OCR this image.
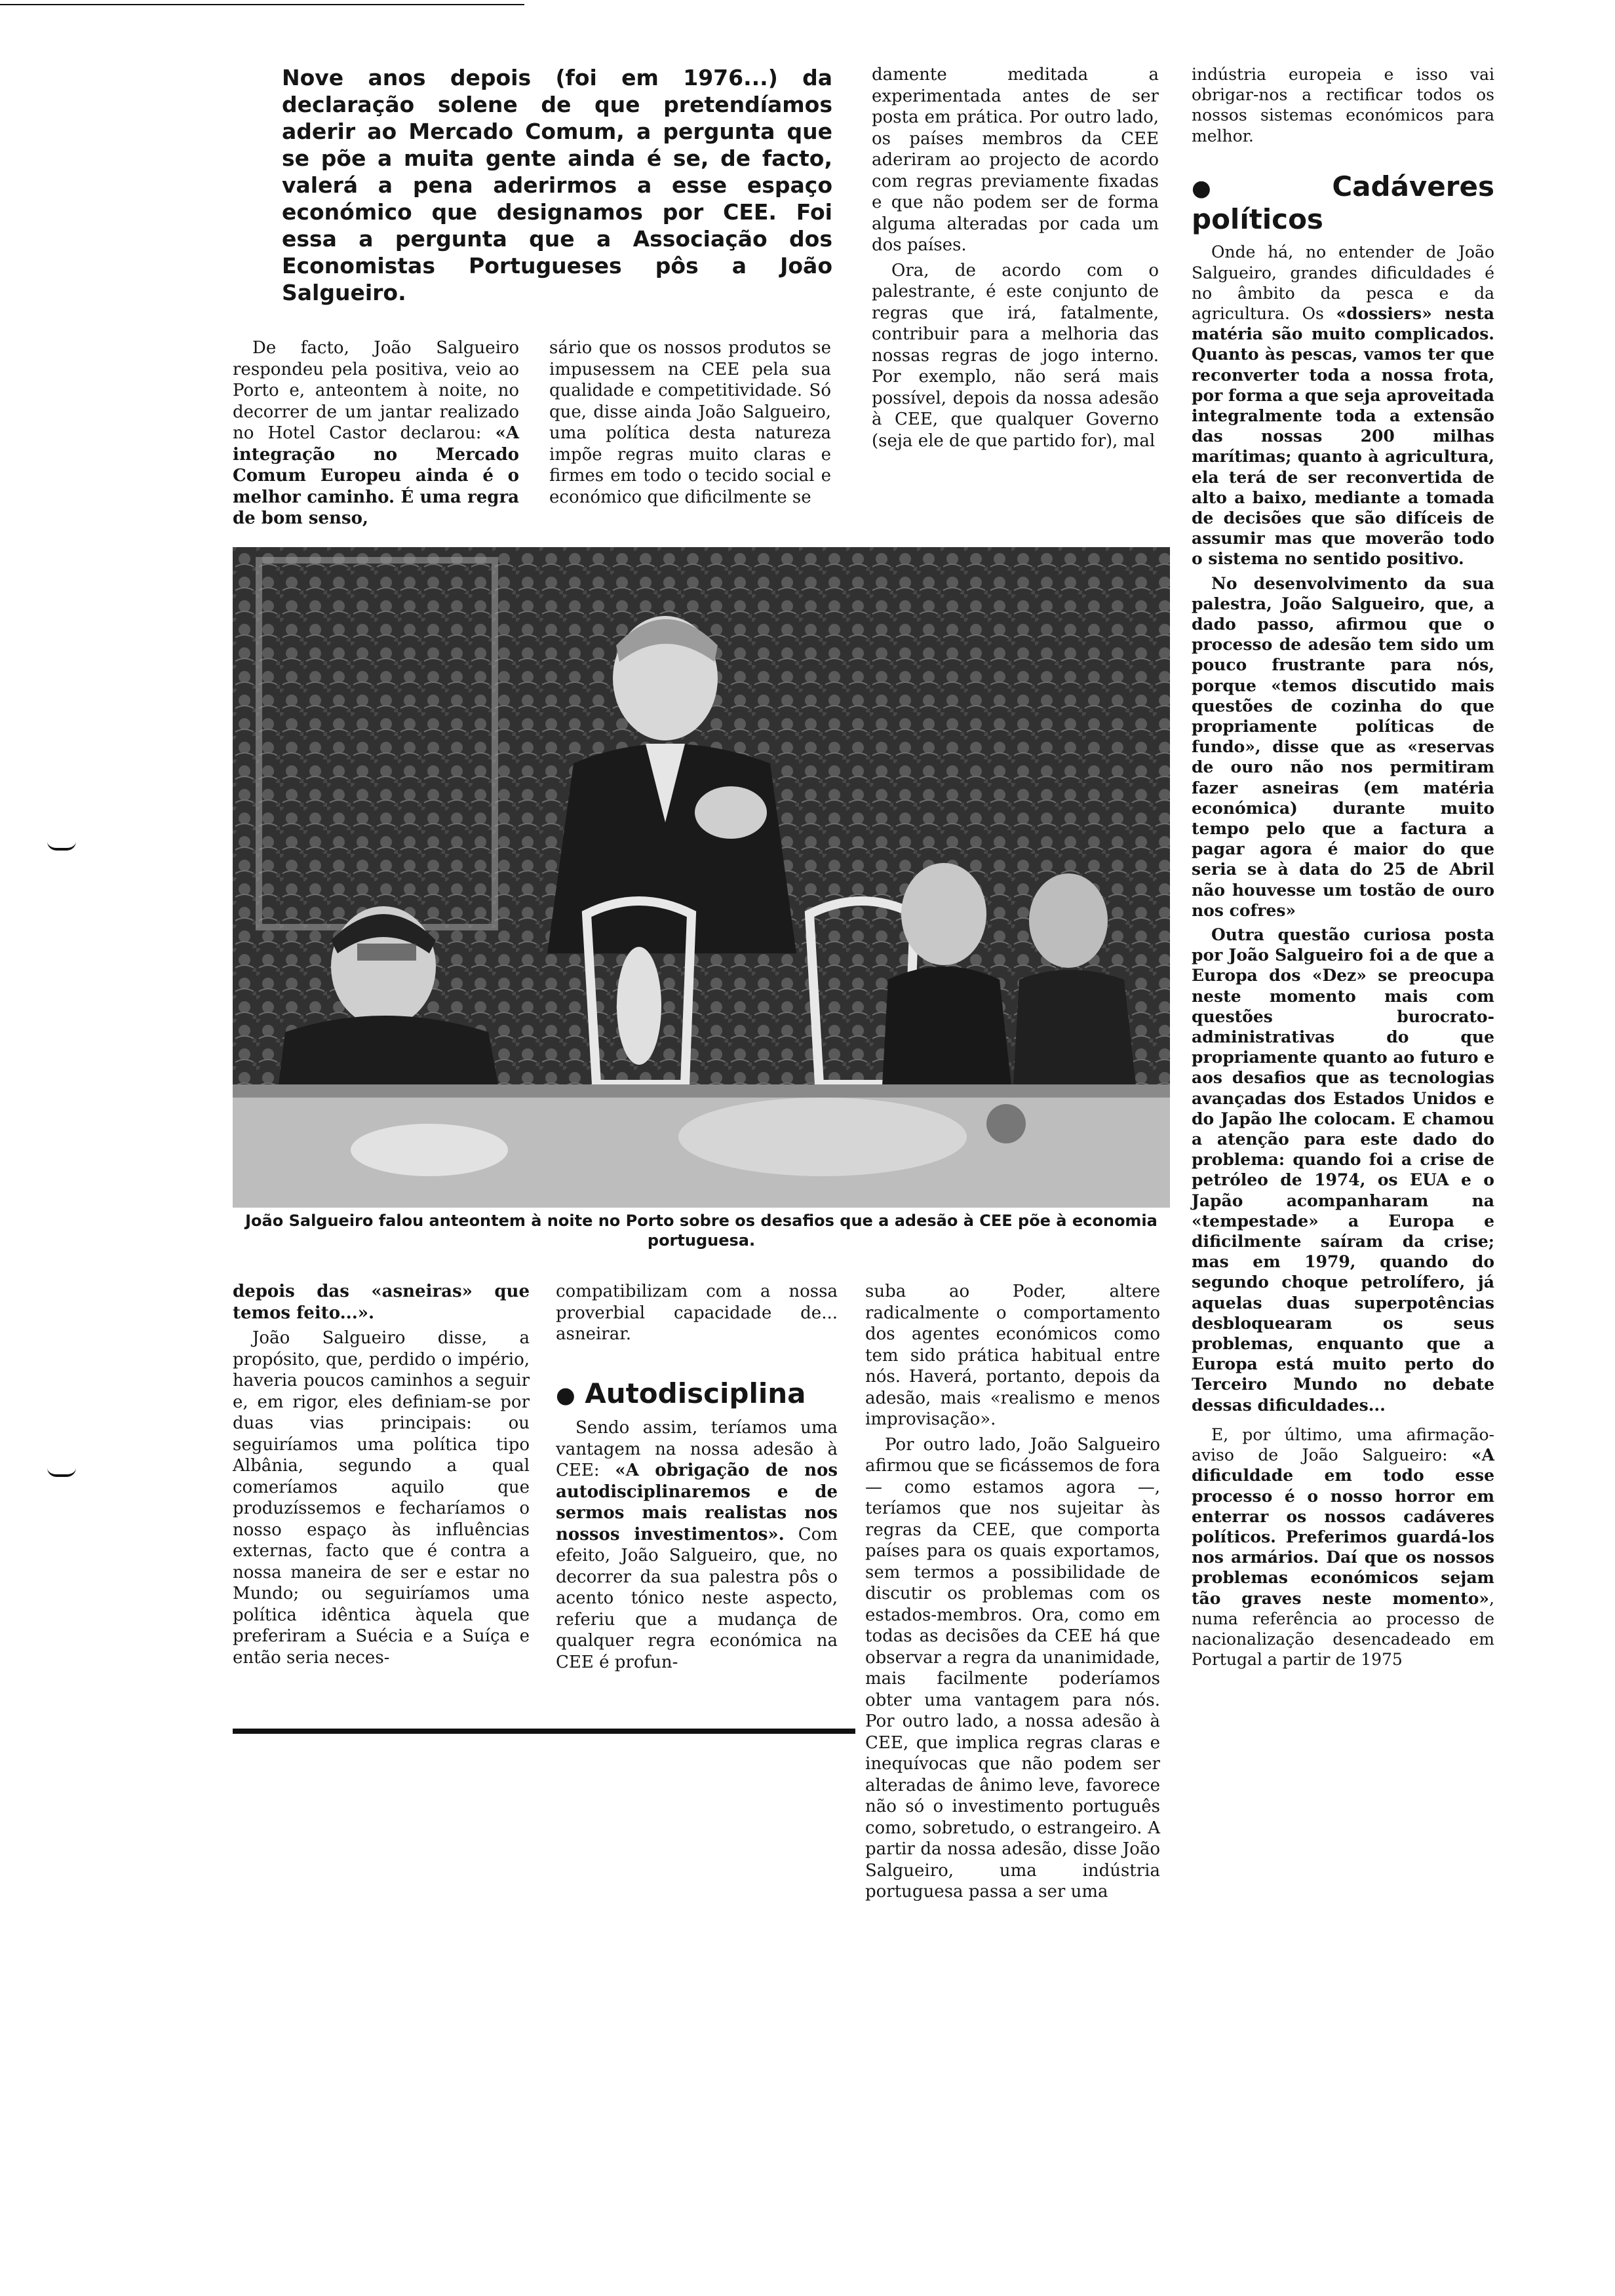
Nove anos depois (foi em 1976...) da declaração solene de que pretendíamos aderir ao Mercado Comum, a pergunta que se põe a muita gente ainda é se, de facto, valerá a pena aderirmos a esse espaço económico que designamos por CEE. Foi essa a pergunta que a Associação dos Economistas Portugueses pôs a João Salgueiro.

De facto, João Salgueiro respondeu pela positiva, veio ao Porto e, anteontem à noite, no decorrer de um jantar realizado no Hotel Castor declarou: «A integração no Mercado Comum Europeu ainda é o melhor caminho. É uma regra de bom senso,

sário que os nossos produtos se impusessem na CEE pela sua qualidade e competitividade. Só que, disse ainda João Salgueiro, uma política desta natureza impõe regras muito claras e firmes em todo o tecido social e económico que dificilmente se

damente meditada a experimentada antes de ser posta em prática. Por outro lado, os países membros da CEE aderiram ao projecto de acordo com regras previamente fixadas e que não podem ser de forma alguma alteradas por cada um dos países.

Ora, de acordo com o palestrante, é este conjunto de regras que irá, fatalmente, contribuir para a melhoria das nossas regras de jogo interno. Por exemplo, não será mais possível, depois da nossa adesão à CEE, que qualquer Governo (seja ele de que partido for), mal

João Salgueiro falou anteontem à noite no Porto sobre os desafios que a adesão à CEE põe à economia portuguesa.

depois das «asneiras» que temos feito...».

João Salgueiro disse, a propósito, que, perdido o império, haveria poucos caminhos a seguir e, em rigor, eles definiam-se por duas vias principais: ou seguiríamos uma política tipo Albânia, segundo a qual comeríamos aquilo que produzíssemos e fecharíamos o nosso espaço às influências externas, facto que é contra a nossa maneira de ser e estar no Mundo; ou seguiríamos uma política idêntica àquela que preferiram a Suécia e a Suíça e então seria neces-

compatibilizam com a nossa proverbial capacidade de... asneirar.

● Autodisciplina

Sendo assim, teríamos uma vantagem na nossa adesão à CEE: «A obrigação de nos autodisciplinaremos e de sermos mais realistas nos nossos investimentos». Com efeito, João Salgueiro, que, no decorrer da sua palestra pôs o acento tónico neste aspecto, referiu que a mudança de qualquer regra económica na CEE é profun-

suba ao Poder, altere radicalmente o comportamento dos agentes económicos como tem sido prática habitual entre nós. Haverá, portanto, depois da adesão, mais «realismo e menos improvisação».

Por outro lado, João Salgueiro afirmou que se ficássemos de fora — como estamos agora —, teríamos que nos sujeitar às regras da CEE, que comporta países para os quais exportamos, sem termos a possibilidade de discutir os problemas com os estados-membros. Ora, como em todas as decisões da CEE há que observar a regra da unanimidade, mais facilmente poderíamos obter uma vantagem para nós. Por outro lado, a nossa adesão à CEE, que implica regras claras e inequívocas que não podem ser alteradas de ânimo leve, favorece não só o investimento português como, sobretudo, o estrangeiro. A partir da nossa adesão, disse João Salgueiro, uma indústria portuguesa passa a ser uma

indústria europeia e isso vai obrigar-nos a rectificar todos os nossos sistemas económicos para melhor.

● Cadáveres políticos

Onde há, no entender de João Salgueiro, grandes dificuldades é no âmbito da pesca e da agricultura. Os «dossiers» nesta matéria são muito complicados. Quanto às pescas, vamos ter que reconverter toda a nossa frota, por forma a que seja aproveitada integralmente toda a extensão das nossas 200 milhas marítimas; quanto à agricultura, ela terá de ser reconvertida de alto a baixo, mediante a tomada de decisões que são difíceis de assumir mas que moverão todo o sistema no sentido positivo.

No desenvolvimento da sua palestra, João Salgueiro, que, a dado passo, afirmou que o processo de adesão tem sido um pouco frustrante para nós, porque «temos discutido mais questões de cozinha do que propriamente políticas de fundo», disse que as «reservas de ouro não nos permitiram fazer asneiras (em matéria económica) durante muito tempo pelo que a factura a pagar agora é maior do que seria se à data do 25 de Abril não houvesse um tostão de ouro nos cofres»

Outra questão curiosa posta por João Salgueiro foi a de que a Europa dos «Dez» se preocupa neste momento mais com questões burocrato-administrativas do que propriamente quanto ao futuro e aos desafios que as tecnologias avançadas dos Estados Unidos e do Japão lhe colocam. E chamou a atenção para este dado do problema: quando foi a crise de petróleo de 1974, os EUA e o Japão acompanharam na «tempestade» a Europa e dificilmente saíram da crise; mas em 1979, quando do segundo choque petrolífero, já aquelas duas superpotências desbloquearam os seus problemas, enquanto que a Europa está muito perto do Terceiro Mundo no debate dessas dificuldades...

E, por último, uma afirmação-aviso de João Salgueiro: «A dificuldade em todo esse processo é o nosso horror em enterrar os nossos cadáveres políticos. Preferimos guardá-los nos armários. Daí que os nossos problemas económicos sejam tão graves neste momento», numa referência ao processo de nacionalização desencadeado em Portugal a partir de 1975
